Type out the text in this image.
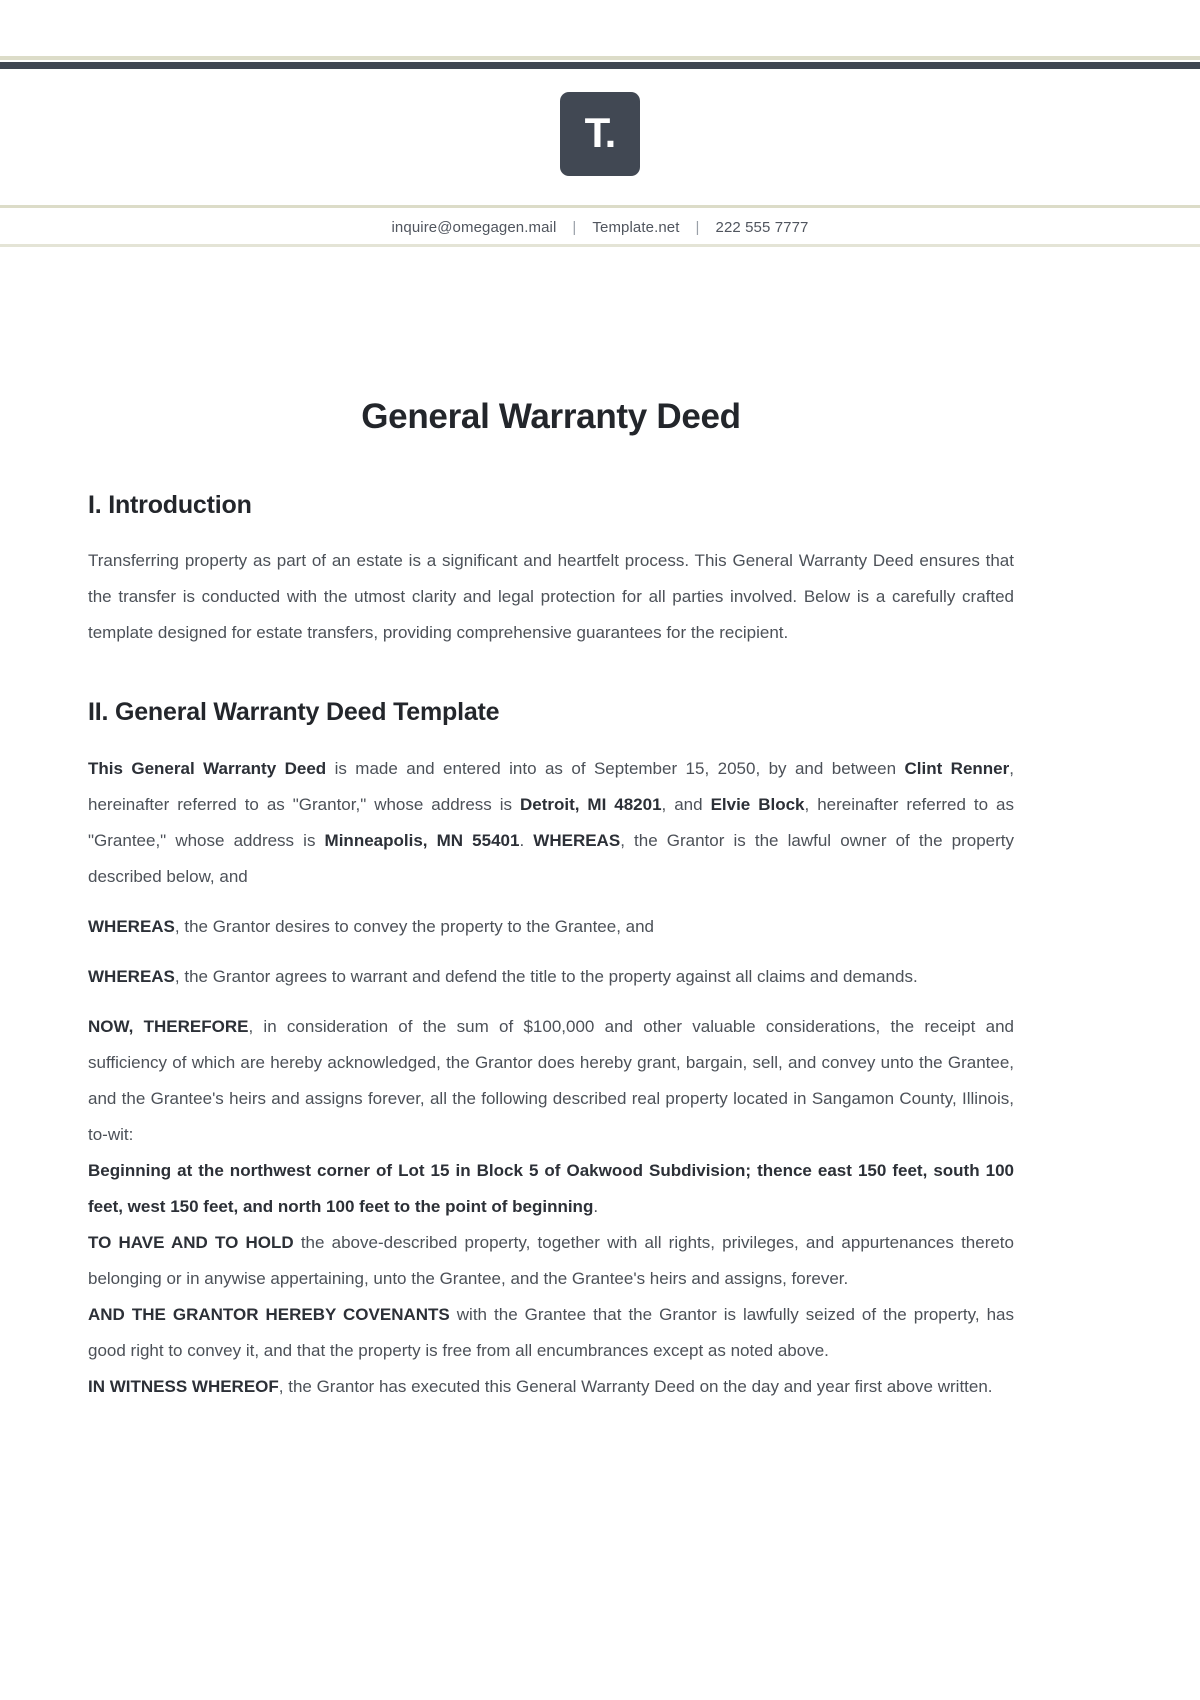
T.
inquire@omegagen.mail	|	Template.net	|	222 555 7777
General Warranty Deed
I. Introduction

Transferring property as part of an estate is a significant and heartfelt process. This General Warranty Deed ensures that the transfer is conducted with the utmost clarity and legal protection for all parties involved. Below is a carefully crafted template designed for estate transfers, providing comprehensive guarantees for the recipient.

II. General Warranty Deed Template

This General Warranty Deed is made and entered into as of September 15, 2050, by and between Clint Renner, hereinafter referred to as "Grantor," whose address is Detroit, MI 48201, and Elvie Block, hereinafter referred to as "Grantee," whose address is Minneapolis, MN 55401. WHEREAS, the Grantor is the lawful owner of the property described below, and

WHEREAS, the Grantor desires to convey the property to the Grantee, and

WHEREAS, the Grantor agrees to warrant and defend the title to the property against all claims and demands.

NOW, THEREFORE, in consideration of the sum of $100,000 and other valuable considerations, the receipt and sufficiency of which are hereby acknowledged, the Grantor does hereby grant, bargain, sell, and convey unto the Grantee, and the Grantee's heirs and assigns forever, all the following described real property located in Sangamon County, Illinois, to-wit:

Beginning at the northwest corner of Lot 15 in Block 5 of Oakwood Subdivision; thence east 150 feet, south 100 feet, west 150 feet, and north 100 feet to the point of beginning.

TO HAVE AND TO HOLD the above-described property, together with all rights, privileges, and appurtenances thereto belonging or in anywise appertaining, unto the Grantee, and the Grantee's heirs and assigns, forever.

AND THE GRANTOR HEREBY COVENANTS with the Grantee that the Grantor is lawfully seized of the property, has good right to convey it, and that the property is free from all encumbrances except as noted above.

IN WITNESS WHEREOF, the Grantor has executed this General Warranty Deed on the day and year first above written.
